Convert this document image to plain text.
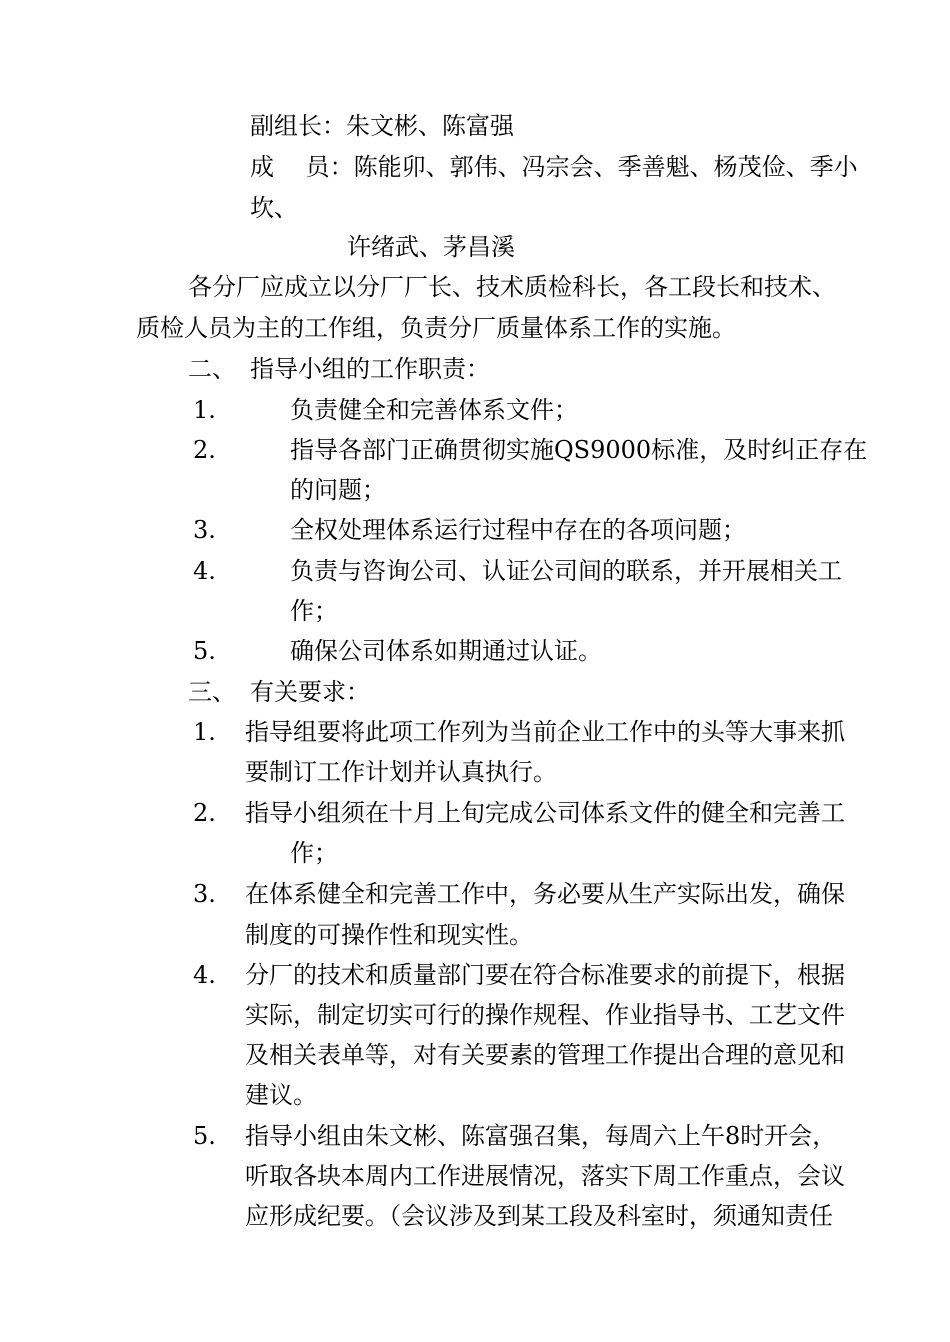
副组长：朱文彬、陈富强
成　 员：陈能卯、郭伟、冯宗会、季善魁、杨茂俭、季小
坎、
许绪武、茅昌溪
各分厂应成立以分厂厂长、技术质检科长，各工段长和技术、
质检人员为主的工作组，负责分厂质量体系工作的实施。
二、 指导小组的工作职责：
1.	负责健全和完善体系文件；
2.	指导各部门正确贯彻实施QS9000标准，及时纠正存在
的问题；
3.	全权处理体系运行过程中存在的各项问题；
4.	负责与咨询公司、认证公司间的联系，并开展相关工
作；
5.	确保公司体系如期通过认证。
三、 有关要求：
1. 指导组要将此项工作列为当前企业工作中的头等大事来抓
要制订工作计划并认真执行。
2. 指导小组须在十月上旬完成公司体系文件的健全和完善工
作；
3. 在体系健全和完善工作中，务必要从生产实际出发，确保
制度的可操作性和现实性。
4. 分厂的技术和质量部门要在符合标准要求的前提下，根据
实际，制定切实可行的操作规程、作业指导书、工艺文件
及相关表单等，对有关要素的管理工作提出合理的意见和
建议。
5. 指导小组由朱文彬、陈富强召集，每周六上午8时开会，
听取各块本周内工作进展情况，落实下周工作重点，会议
应形成纪要。（会议涉及到某工段及科室时，须通知责任
